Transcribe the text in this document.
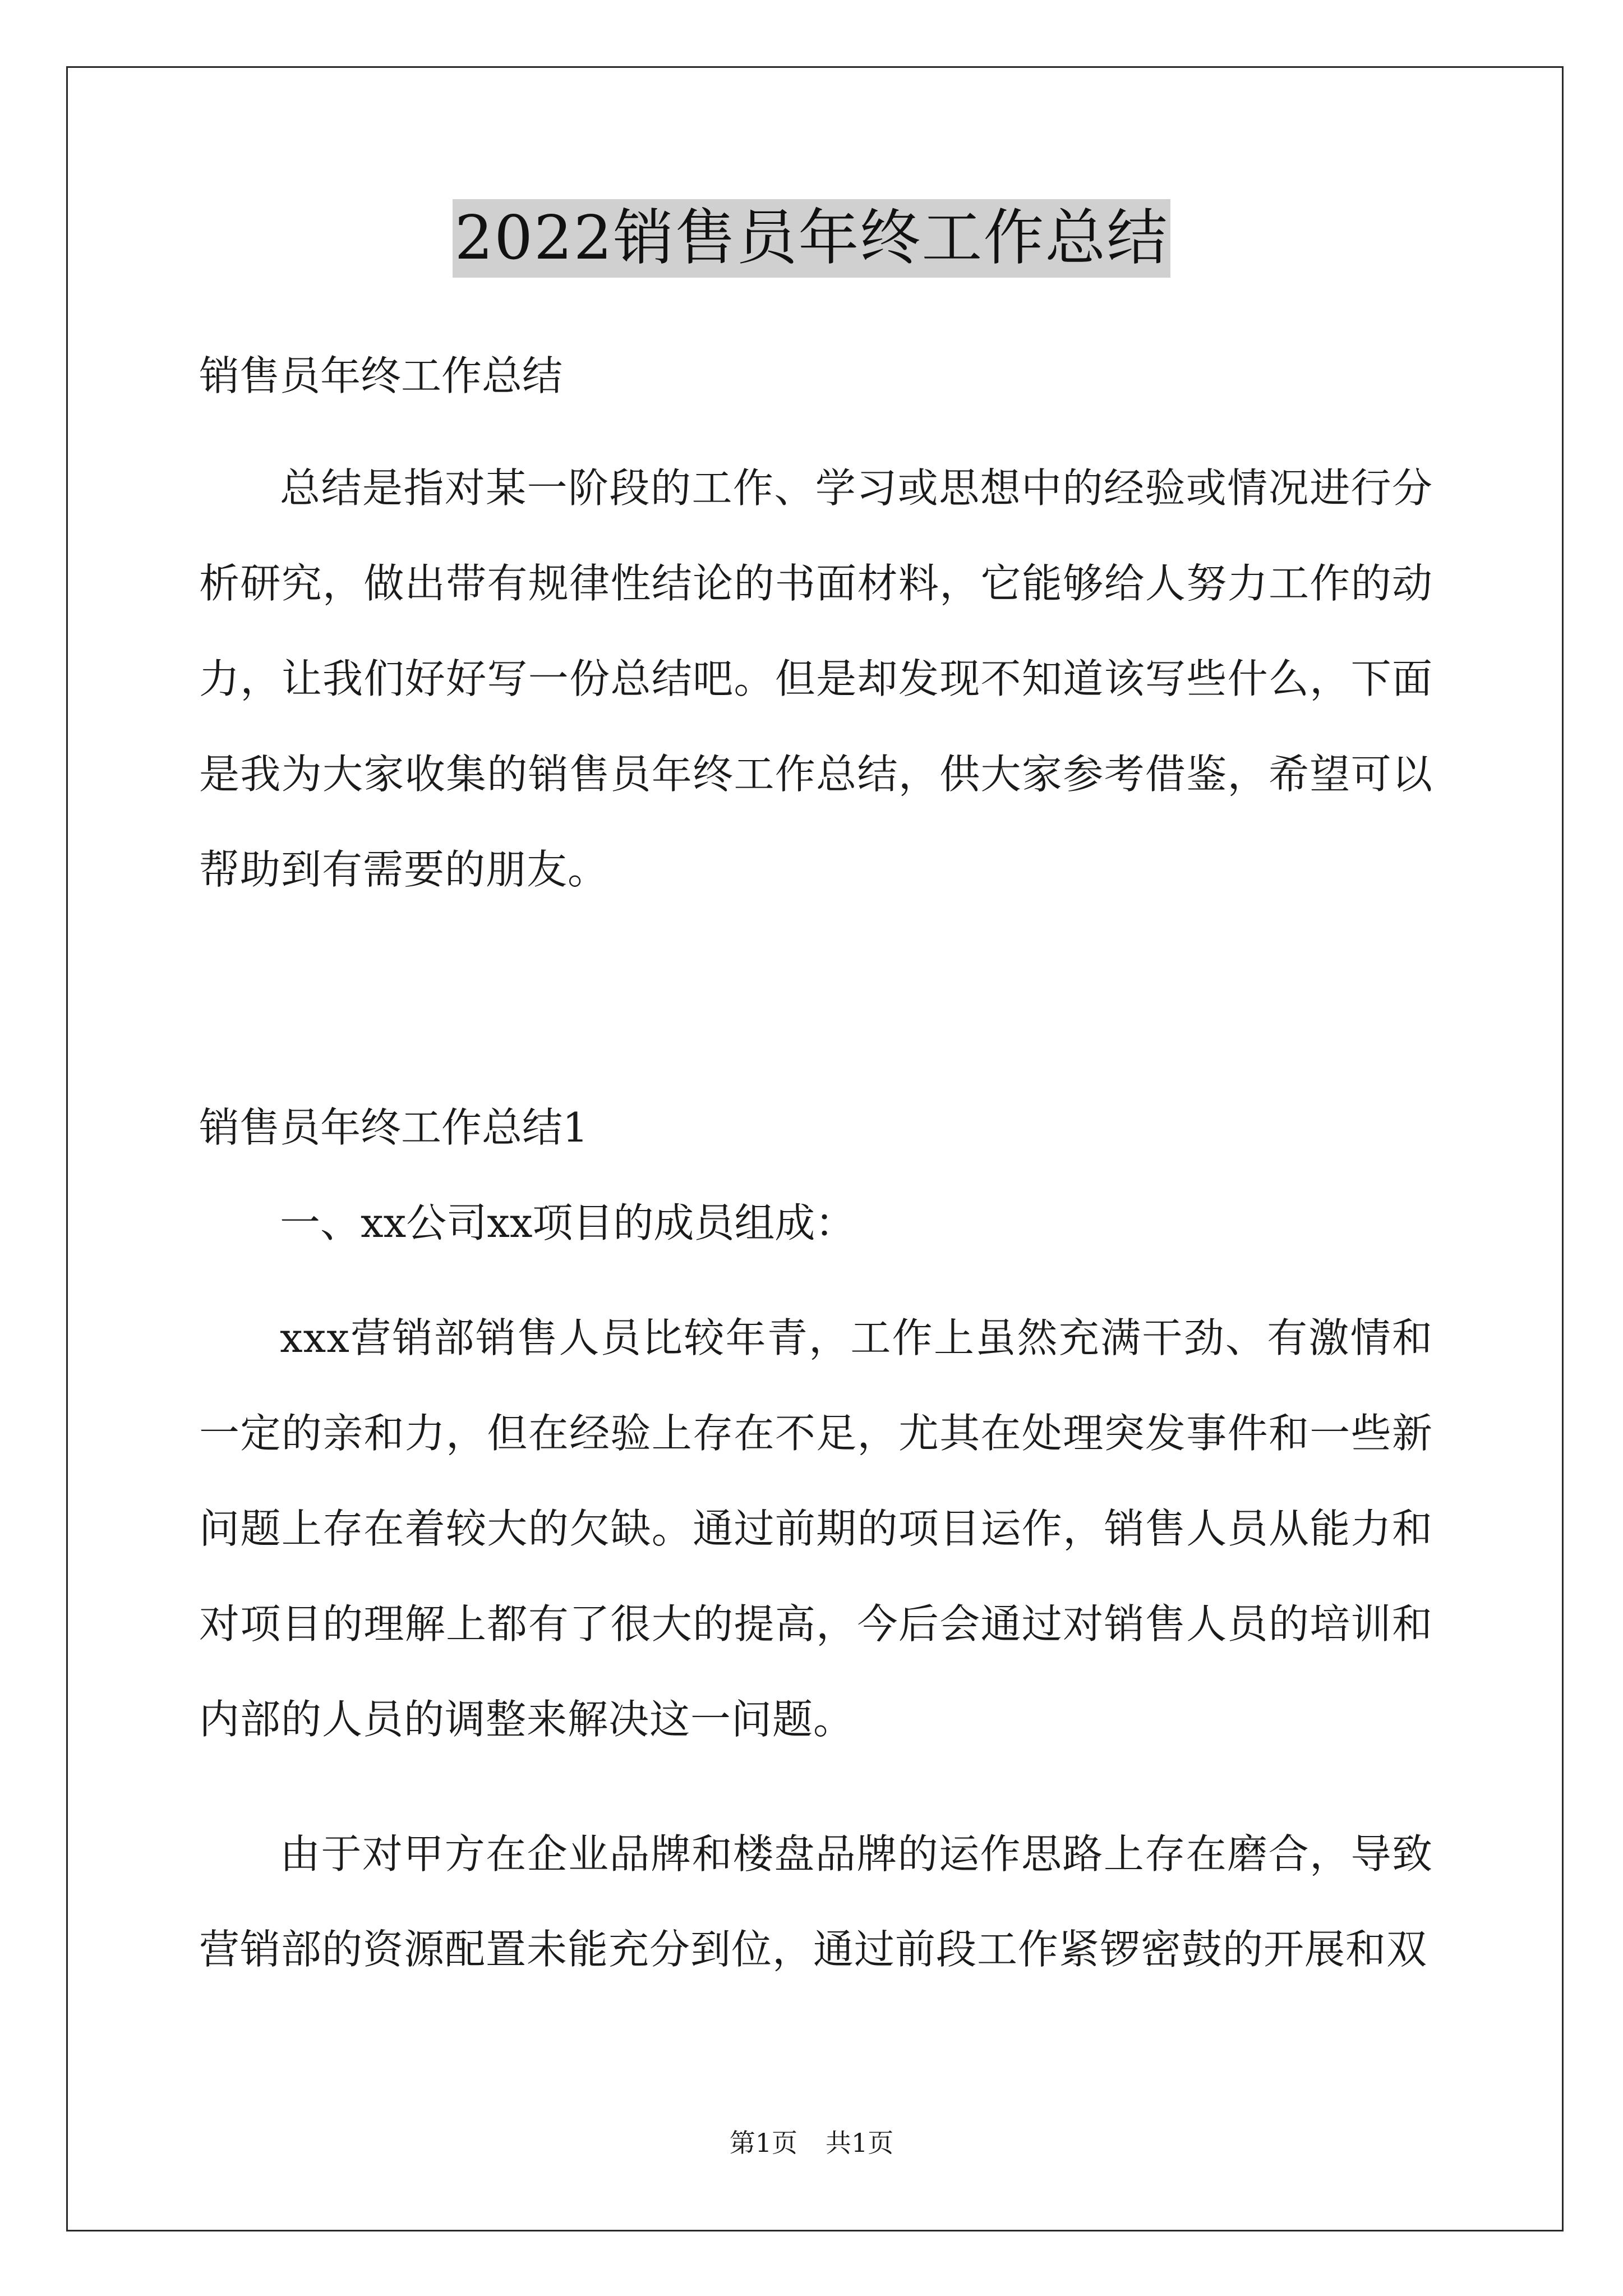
2022销售员年终工作总结
销售员年终工作总结
总结是指对某一阶段的工作、学习或思想中的经验或情况进行分析研究，做出带有规律性结论的书面材料，它能够给人努力工作的动力，让我们好好写一份总结吧。但是却发现不知道该写些什么，下面是我为大家收集的销售员年终工作总结，供大家参考借鉴，希望可以帮助到有需要的朋友。
销售员年终工作总结1
一、xx公司xx项目的成员组成：
xxx营销部销售人员比较年青，工作上虽然充满干劲、有激情和一定的亲和力，但在经验上存在不足，尤其在处理突发事件和一些新问题上存在着较大的欠缺。通过前期的项目运作，销售人员从能力和对项目的理解上都有了很大的提高，今后会通过对销售人员的培训和内部的人员的调整来解决这一问题。
由于对甲方在企业品牌和楼盘品牌的运作思路上存在磨合，导致营销部的资源配置未能充分到位，通过前段工作紧锣密鼓的开展和双
第1页 共1页
